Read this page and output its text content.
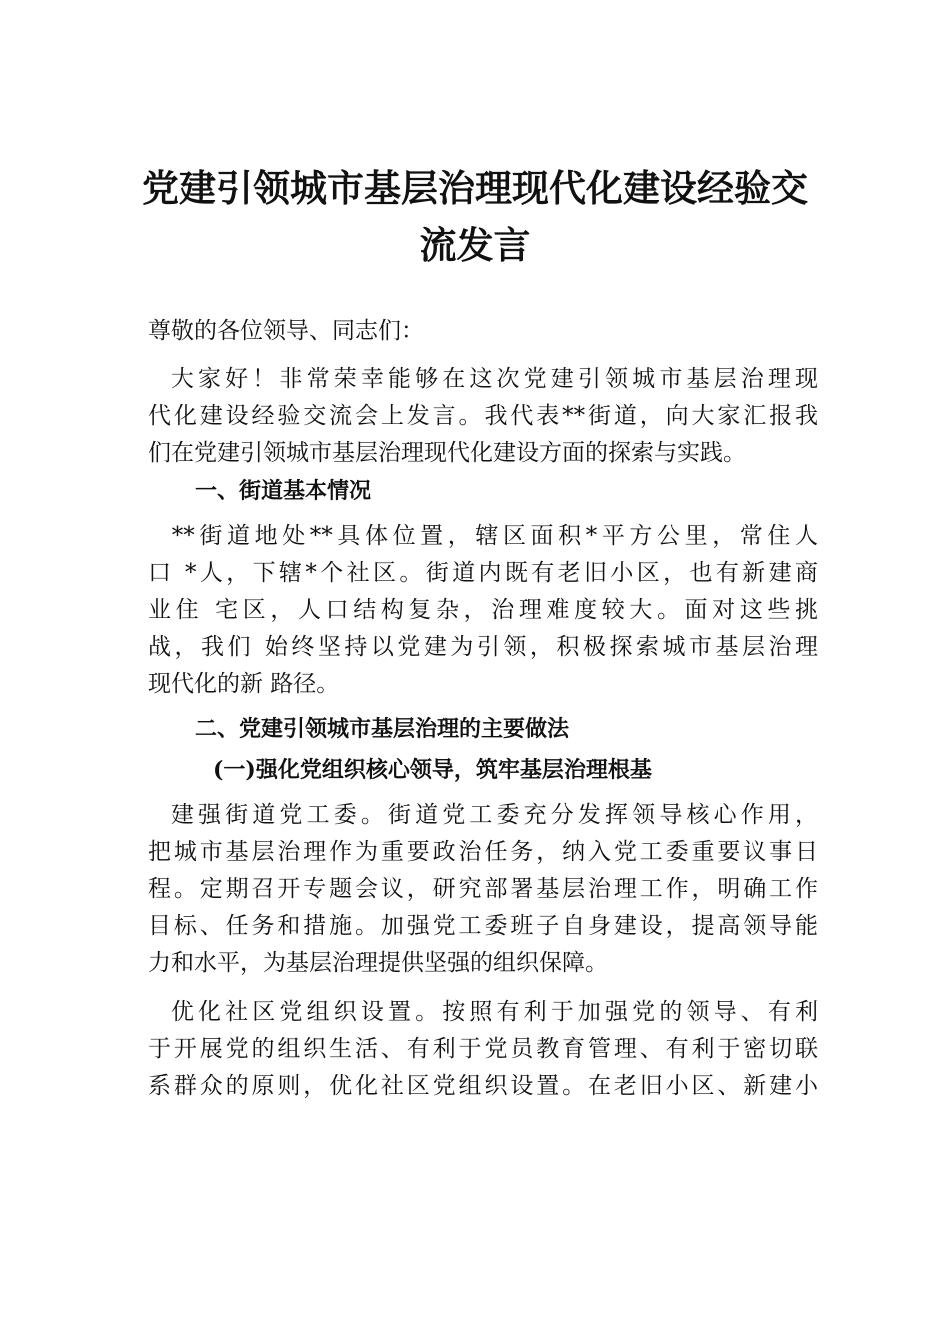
党建引领城市基层治理现代化建设经验交
流发言
尊敬的各位领导、同志们：
大家好！非常荣幸能够在这次党建引领城市基层治理现
代化建设经验交流会上发言。我代表**街道，向大家汇报我
们在党建引领城市基层治理现代化建设方面的探索与实践。
一、街道基本情况
**街道地处**具体位置，辖区面积*平方公里，常住人
口 *人，下辖*个社区。街道内既有老旧小区，也有新建商
业住 宅区，人口结构复杂，治理难度较大。面对这些挑
战，我们 始终坚持以党建为引领，积极探索城市基层治理
现代化的新 路径。
二、党建引领城市基层治理的主要做法
(一)强化党组织核心领导，筑牢基层治理根基
建强街道党工委。街道党工委充分发挥领导核心作用，
把城市基层治理作为重要政治任务，纳入党工委重要议事日
程。定期召开专题会议，研究部署基层治理工作，明确工作
目标、任务和措施。加强党工委班子自身建设，提高领导能
力和水平，为基层治理提供坚强的组织保障。
优化社区党组织设置。按照有利于加强党的领导、有利
于开展党的组织生活、有利于党员教育管理、有利于密切联
系群众的原则，优化社区党组织设置。在老旧小区、新建小
